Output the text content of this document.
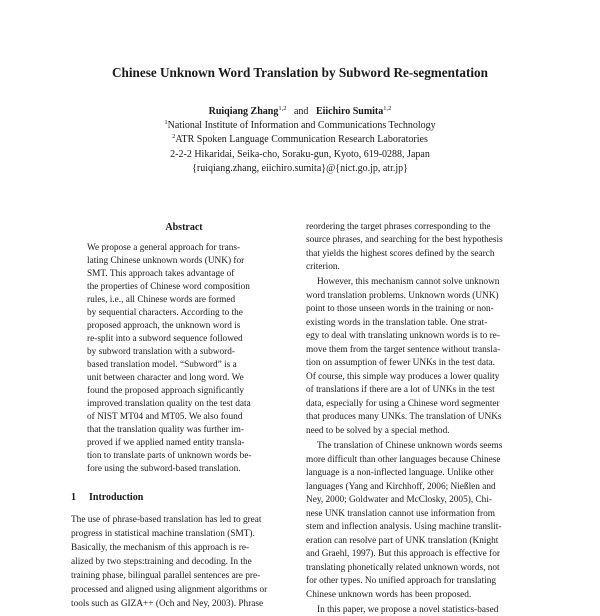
Chinese Unknown Word Translation by Subword Re-segmentation
Ruiqiang Zhang$^{1,2}$ and Eiichiro Sumita$^{1,2}$
$^1$National Institute of Information and Communications Technology
$^2$ATR Spoken Language Communication Research Laboratories
2-2-2 Hikaridai, Seika-cho, Soraku-gun, Kyoto, 619-0288, Japan
{ruiqiang.zhang, eiichiro.sumita}@{nict.go.jp, atr.jp}
Abstract
We propose a general approach for trans-
lating Chinese unknown words (UNK) for
SMT. This approach takes advantage of
the properties of Chinese word composition
rules, i.e., all Chinese words are formed
by sequential characters. According to the
proposed approach, the unknown word is
re-split into a subword sequence followed
by subword translation with a subword-
based translation model. “Subword” is a
unit between character and long word. We
found the proposed approach significantly
improved translation quality on the test data
of NIST MT04 and MT05. We also found
that the translation quality was further im-
proved if we applied named entity transla-
tion to translate parts of unknown words be-
fore using the subword-based translation.
1 Introduction
The use of phrase-based translation has led to great
progress in statistical machine translation (SMT).
Basically, the mechanism of this approach is re-
alized by two steps:training and decoding. In the
training phase, bilingual parallel sentences are pre-
processed and aligned using alignment algorithms or
tools such as GIZA++ (Och and Ney, 2003). Phrase
reordering the target phrases corresponding to the
source phrases, and searching for the best hypothesis
that yields the highest scores defined by the search
criterion.
However, this mechanism cannot solve unknown
word translation problems. Unknown words (UNK)
point to those unseen words in the training or non-
existing words in the translation table. One strat-
egy to deal with translating unknown words is to re-
move them from the target sentence without transla-
tion on assumption of fewer UNKs in the test data.
Of course, this simple way produces a lower quality
of translations if there are a lot of UNKs in the test
data, especially for using a Chinese word segmenter
that produces many UNKs. The translation of UNKs
need to be solved by a special method.
The translation of Chinese unknown words seems
more difficult than other languages because Chinese
language is a non-inflected language. Unlike other
languages (Yang and Kirchhoff, 2006; Nießlen and
Ney, 2000; Goldwater and McClosky, 2005), Chi-
nese UNK translation cannot use information from
stem and inflection analysis. Using machine translit-
eration can resolve part of UNK translation (Knight
and Graehl, 1997). But this approach is effective for
translating phonetically related unknown words, not
for other types. No unified approach for translating
Chinese unknown words has been proposed.
In this paper, we propose a novel statistics-based
